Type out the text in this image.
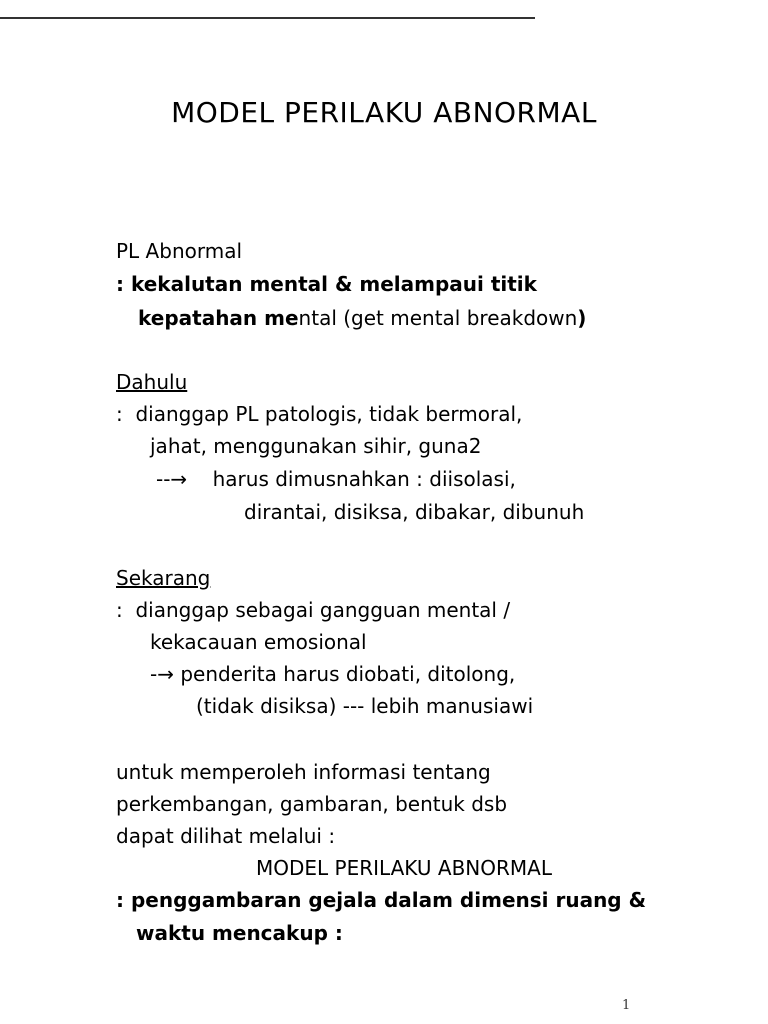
MODEL PERILAKU ABNORMAL
PL Abnormal
: kekalutan mental & melampaui titik
kepatahan mental (get mental breakdown)
Dahulu
:  dianggap PL patologis, tidak bermoral,
jahat, menggunakan sihir, guna2
--→    harus dimusnahkan : diisolasi,
dirantai, disiksa, dibakar, dibunuh
Sekarang
:  dianggap sebagai gangguan mental /
kekacauan emosional
-→ penderita harus diobati, ditolong,
(tidak disiksa) --- lebih manusiawi
untuk memperoleh informasi tentang
perkembangan, gambaran, bentuk dsb
dapat dilihat melalui :
MODEL PERILAKU ABNORMAL
: penggambaran gejala dalam dimensi ruang &
waktu mencakup :
1
